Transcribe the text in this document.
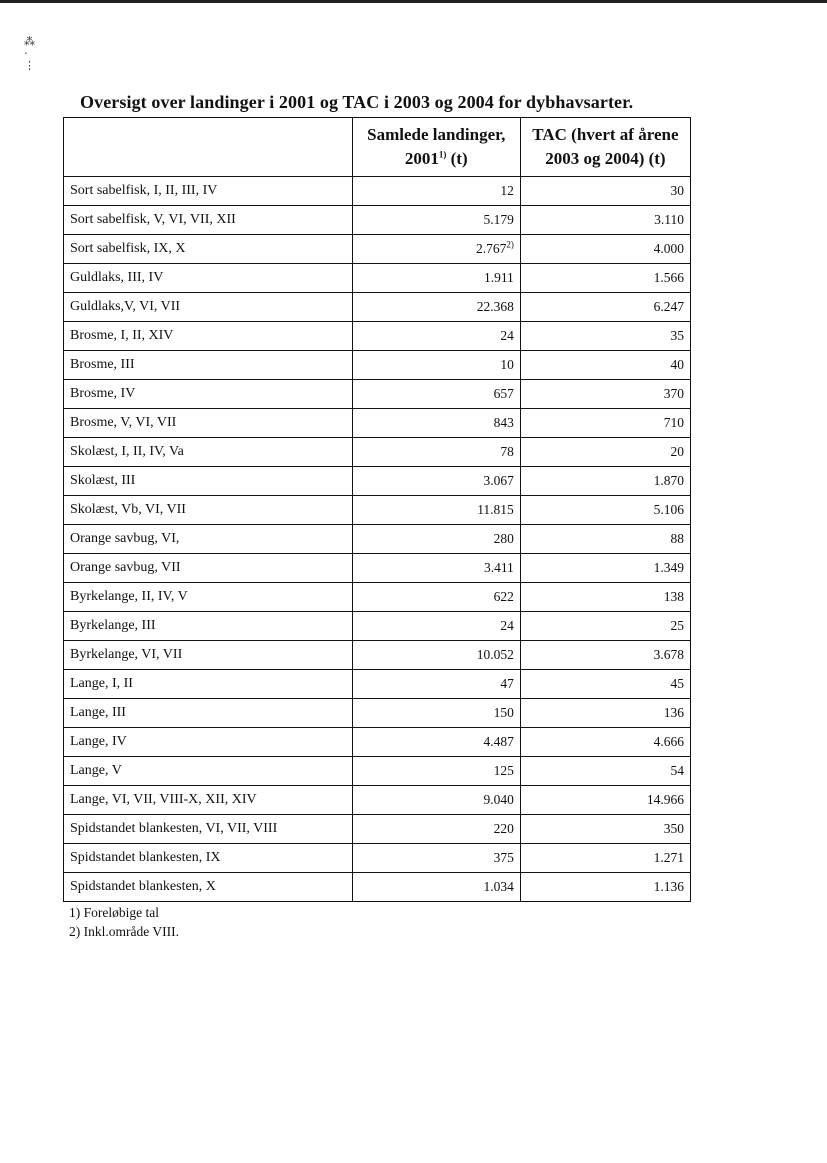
⁂
⋅
⋮
Oversigt over landinger i 2001 og TAC i 2003 og 2004 for dybhavsarter.
	Samlede landinger,
2001$^{1)}$ (t)	TAC (hvert af årene
2003 og 2004) (t)
Sort sabelfisk, I, II, III, IV	12	30
Sort sabelfisk, V, VI, VII, XII	5.179	3.110
Sort sabelfisk, IX, X	2.767$^{2)}$	4.000
Guldlaks, III, IV	1.911	1.566
Guldlaks,V, VI, VII	22.368	6.247
Brosme, I, II, XIV	24	35
Brosme, III	10	40
Brosme, IV	657	370
Brosme, V, VI, VII	843	710
Skolæst, I, II, IV, Va	78	20
Skolæst, III	3.067	1.870
Skolæst, Vb, VI, VII	11.815	5.106
Orange savbug, VI,	280	88
Orange savbug, VII	3.411	1.349
Byrkelange, II, IV, V	622	138
Byrkelange, III	24	25
Byrkelange, VI, VII	10.052	3.678
Lange, I, II	47	45
Lange, III	150	136
Lange, IV	4.487	4.666
Lange, V	125	54
Lange, VI, VII, VIII-X, XII, XIV	9.040	14.966
Spidstandet blankesten, VI, VII, VIII	220	350
Spidstandet blankesten, IX	375	1.271
Spidstandet blankesten, X	1.034	1.136
1) Foreløbige tal
2) Inkl.område VIII.
